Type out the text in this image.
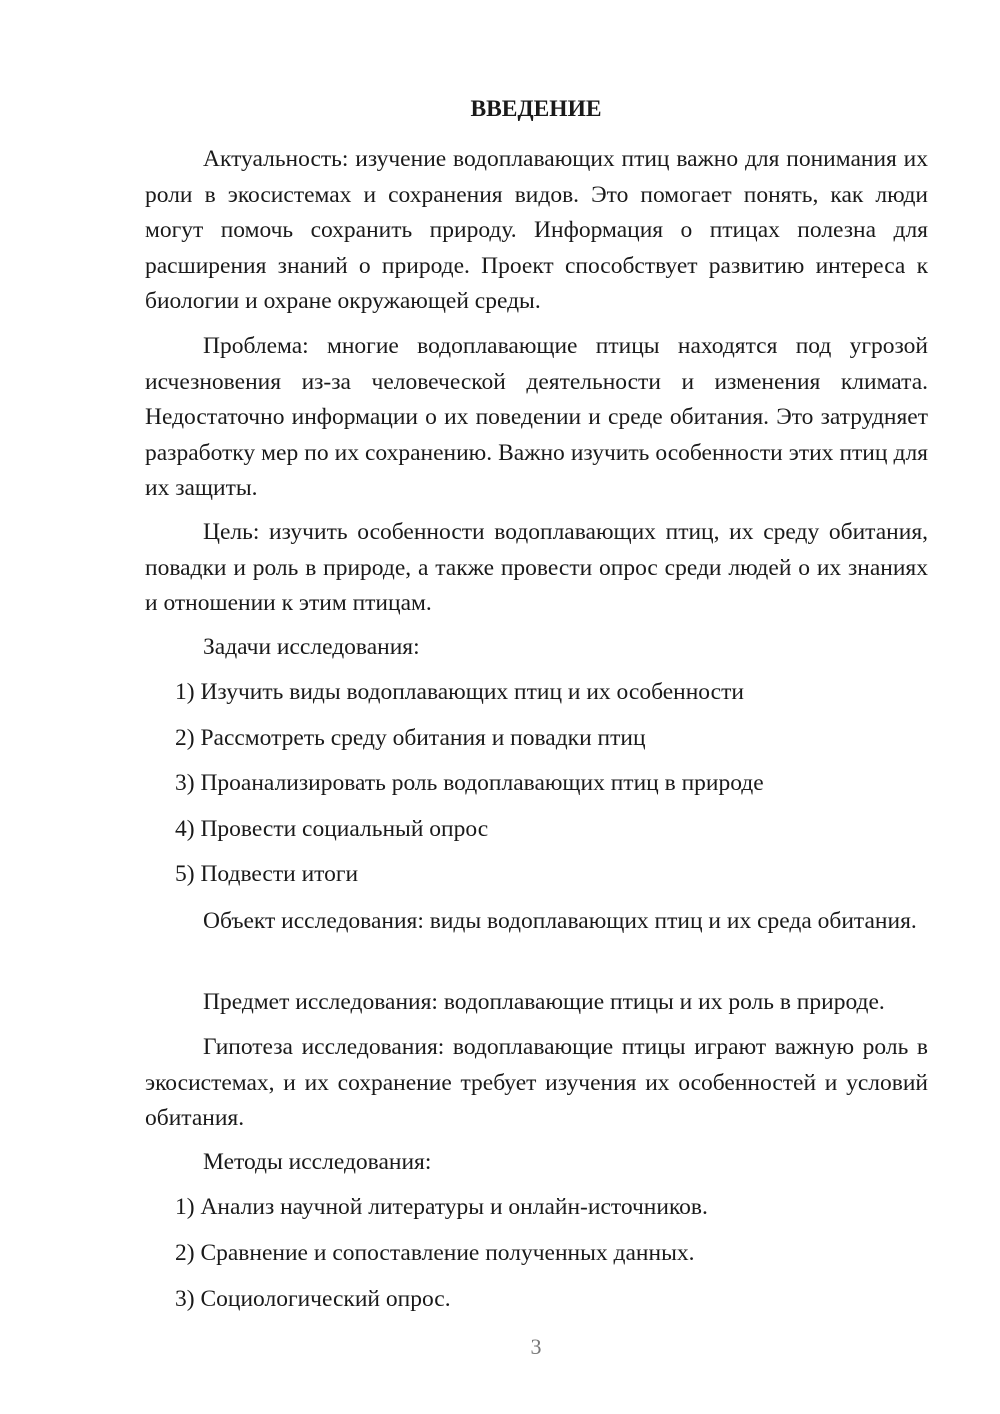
ВВЕДЕНИЕ

Актуальность: изучение водоплавающих птиц важно для понимания их роли в экосистемах и сохранения видов. Это помогает понять, как люди могут помочь сохранить природу. Информация о птицах полезна для расширения знаний о природе. Проект способствует развитию интереса к биологии и охране окружающей среды.

Проблема: многие водоплавающие птицы находятся под угрозой исчезновения из-за человеческой деятельности и изменения климата. Недостаточно информации о их поведении и среде обитания. Это затрудняет разработку мер по их сохранению. Важно изучить особенности этих птиц для их защиты.

Цель: изучить особенности водоплавающих птиц, их среду обитания, повадки и роль в природе, а также провести опрос среди людей о их знаниях и отношении к этим птицам.

Задачи исследования:

1) Изучить виды водоплавающих птиц и их особенности

2) Рассмотреть среду обитания и повадки птиц

3) Проанализировать роль водоплавающих птиц в природе

4) Провести социальный опрос

5) Подвести итоги

Объект исследования: виды водоплавающих птиц и их среда обитания.

Предмет исследования: водоплавающие птицы и их роль в природе.

Гипотеза исследования: водоплавающие птицы играют важную роль в экосистемах, и их сохранение требует изучения их особенностей и условий обитания.

Методы исследования:

1) Анализ научной литературы и онлайн-источников.

2) Сравнение и сопоставление полученных данных.

3) Социологический опрос.

3
